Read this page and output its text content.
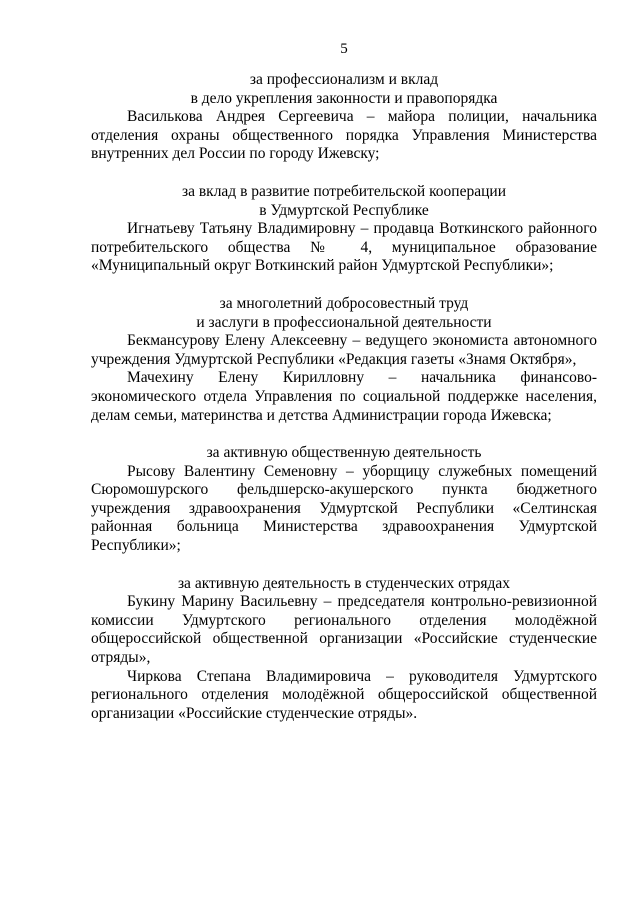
5
за профессионализм и вклад
в дело укрепления законности и правопорядка

Василькова Андрея Сергеевича – майора полиции, начальника отделения охраны общественного порядка Управления Министерства внутренних дел России по городу Ижевску;

за вклад в развитие потребительской кооперации
в Удмуртской Республике

Игнатьеву Татьяну Владимировну – продавца Воткинского районного потребительского общества № 4, муниципальное образование «Муниципальный округ Воткинский район Удмуртской Республики»;

за многолетний добросовестный труд
и заслуги в профессиональной деятельности

Бекмансурову Елену Алексеевну – ведущего экономиста автономного учреждения Удмуртской Республики «Редакция газеты «Знамя Октября»,

Мачехину Елену Кирилловну – начальника финансово-экономического отдела Управления по социальной поддержке населения, делам семьи, материнства и детства Администрации города Ижевска;

за активную общественную деятельность

Рысову Валентину Семеновну – уборщицу служебных помещений Сюромошурского фельдшерско-акушерского пункта бюджетного учреждения здравоохранения Удмуртской Республики «Селтинская районная больница Министерства здравоохранения Удмуртской Республики»;

за активную деятельность в студенческих отрядах

Букину Марину Васильевну – председателя контрольно-ревизионной комиссии Удмуртского регионального отделения молодёжной общероссийской общественной организации «Российские студенческие отряды»,

Чиркова Степана Владимировича – руководителя Удмуртского регионального отделения молодёжной общероссийской общественной организации «Российские студенческие отряды».
